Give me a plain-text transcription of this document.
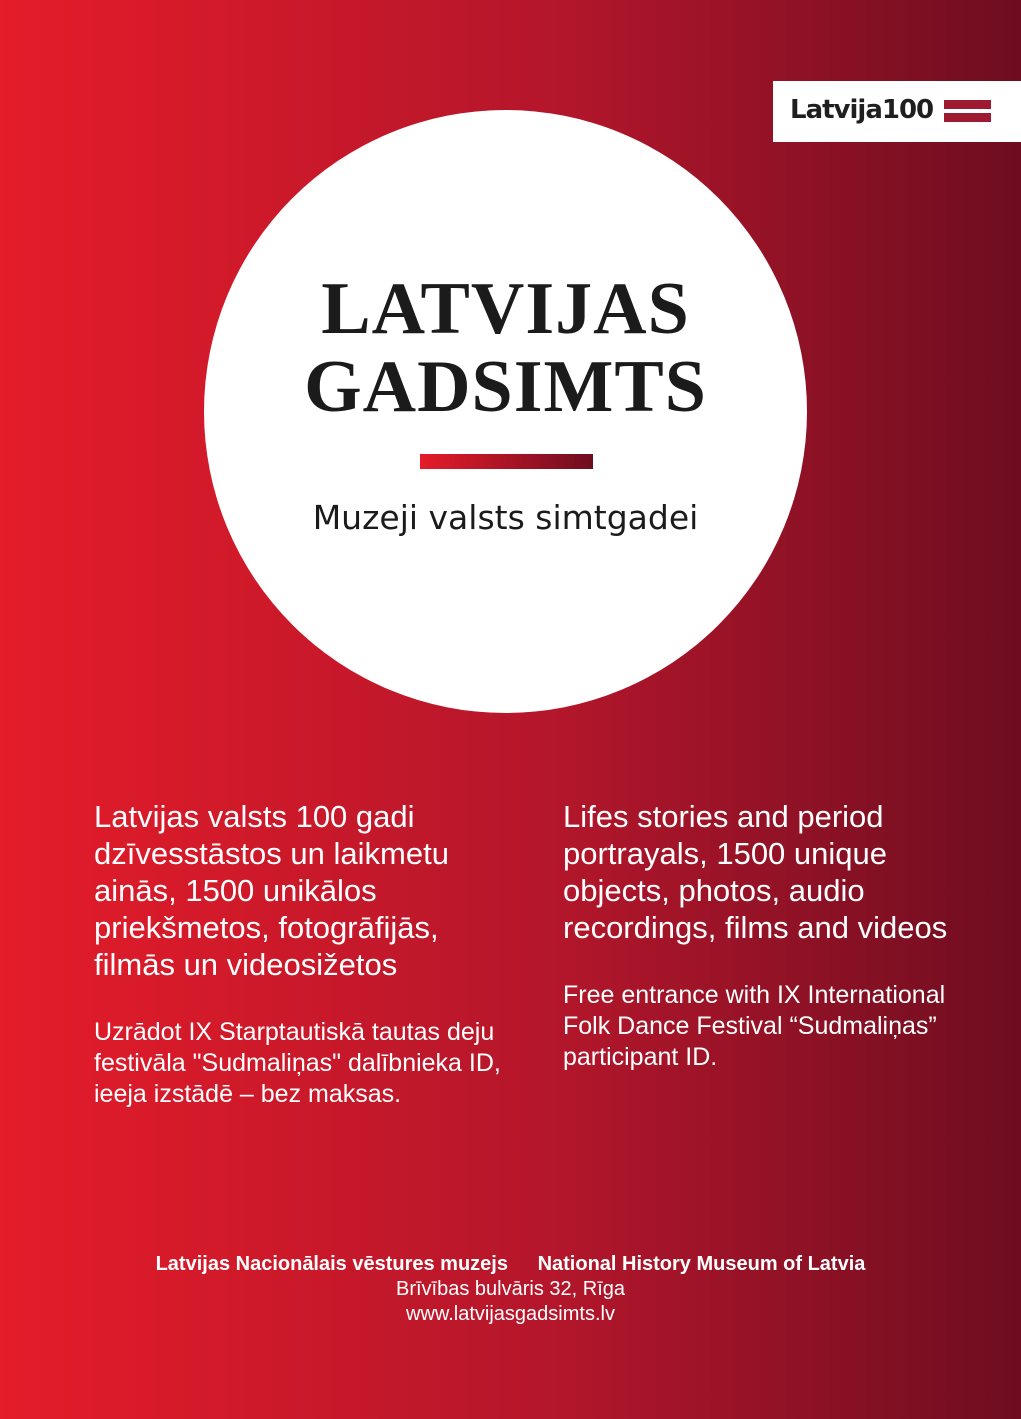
Latvija100
LATVIJAS
GADSIMTS
Muzeji valsts simtgadei

Latvijas valsts 100 gadi dzīvesstāstos un laikmetu ainās, 1500 unikālos priekšmetos, fotogrāfijās, filmās un videosižetos

Uzrādot IX Starptautiskā tautas deju festivāla "Sudmaliņas" dalībnieka ID, ieeja izstādē – bez maksas.

Lifes stories and period portrayals, 1500 unique objects, photos, audio recordings, films and videos

Free entrance with IX International Folk Dance Festival “Sudmaliņas” participant ID.

Latvijas Nacionālais vēstures muzejs National History Museum of Latvia
Brīvības bulvāris 32, Rīga
www.latvijasgadsimts.lv
